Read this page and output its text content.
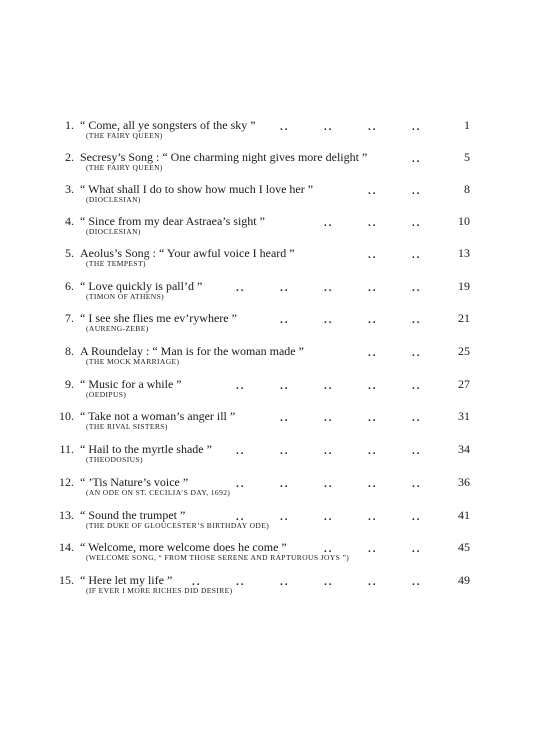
1. “ Come, all ye songsters of the sky ”
(THE FAIRY QUEEN)
..	..	..	..	1
2. Secresy’s Song : “ One charming night gives more delight ”
(THE FAIRY QUEEN)
..	5
3. “ What shall I do to show how much I love her ”
(DIOCLESIAN)
..	..	8
4. “ Since from my dear Astraea’s sight ”
(DIOCLESIAN)
..	..	..	10
5. Aeolus’s Song : “ Your awful voice I heard ”
(THE TEMPEST)
..	..	13
6. “ Love quickly is pall’d ”
(TIMON OF ATHENS)
..	..	..	..	..	19
7. “ I see she flies me ev’rywhere ”
(AURENG-ZEBE)
..	..	..	..	21
8. A Roundelay : “ Man is for the woman made ”
(THE MOCK MARRIAGE)
..	..	25
9. “ Music for a while ”
(OEDIPUS)
..	..	..	..	..	27
10. “ Take not a woman’s anger ill ”
(THE RIVAL SISTERS)
..	..	..	..	31
11. “ Hail to the myrtle shade ”
(THEODOSIUS)
..	..	..	..	..	34
12. “ ’Tis Nature’s voice ”
(AN ODE ON ST. CECILIA’S DAY, 1692)
..	..	..	..	..	36
13. “ Sound the trumpet ”
(THE DUKE OF GLOUCESTER’S BIRTHDAY ODE)
..	..	..	..	..	41
14. “ Welcome, more welcome does he come ”
(WELCOME SONG, “ FROM THOSE SERENE AND RAPTUROUS JOYS ”)
..	..	..	45
15. “ Here let my life ”
(IF EVER I MORE RICHES DID DESIRE)
..	..	..	..	..	..	49
